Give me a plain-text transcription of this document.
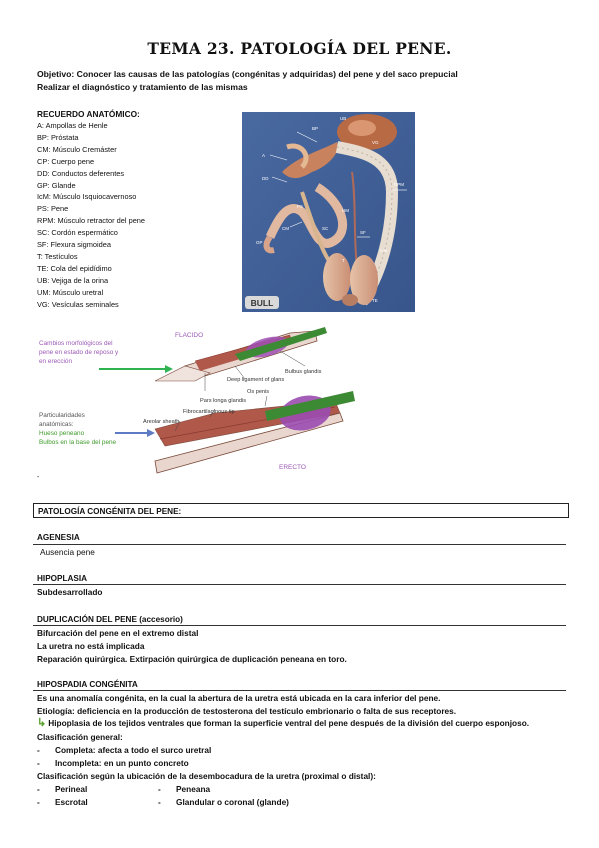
TEMA 23. PATOLOGÍA DEL PENE.
Objetivo: Conocer las causas de las patologías (congénitas y adquiridas) del pene y del saco prepucial
Realizar el diagnóstico y tratamiento de las mismas
RECUERDO ANATÓMICO:
A: Ampollas de Henle
BP: Próstata
CM: Músculo Cremáster
CP: Cuerpo pene
DD: Conductos deferentes
GP: Glande
IcM: Músculo Isquiocavernoso
PS: Pene
RPM: Músculo retractor del pene
SC: Cordón espermático
SF: Flexura sigmoidea
T: Testículos
TE: Cola del epidídimo
UB: Vejiga de la orina
UM: Músculo uretral
VG: Vesículas seminales
BP
UB
VG
A
DD
RPM
CM	SC
SF
T
TE
UM
GP
PS
IcM
BULL
FLACIDO
ERECTO
Bulbus glandis
Deep ligament of glans
Os penis
Pars longa glandis
Fibrocartilaginous tip
Areolar sheath
Cambios morfológicos del
pene en estado de reposo y
en erección
Particularidades
anatómicas:
Hueso peneano
Bulbos en la base del pene
-
PATOLOGÍA CONGÉNITA DEL PENE:
AGENESIA
Ausencia pene
HIPOPLASIA
Subdesarrollado
DUPLICACIÓN DEL PENE (accesorio)
Bifurcación del pene en el extremo distal
La uretra no está implicada
Reparación quirúrgica. Extirpación quirúrgica de duplicación peneana en toro.
HIPOSPADIA CONGÉNITA
Es una anomalía congénita, en la cual la abertura de la uretra está ubicada en la cara inferior del pene.
Etiología: deficiencia en la producción de testosterona del testículo embrionario o falta de sus receptores.
↳ Hipoplasia de los tejidos ventrales que forman la superficie ventral del pene después de la división del cuerpo esponjoso.
Clasificación general:
- Completa: afecta a todo el surco uretral
- Incompleta: en un punto concreto
Clasificación según la ubicación de la desembocadura de la uretra (proximal o distal):
- Perineal	- Peneana
- Escrotal	- Glandular o coronal (glande)
